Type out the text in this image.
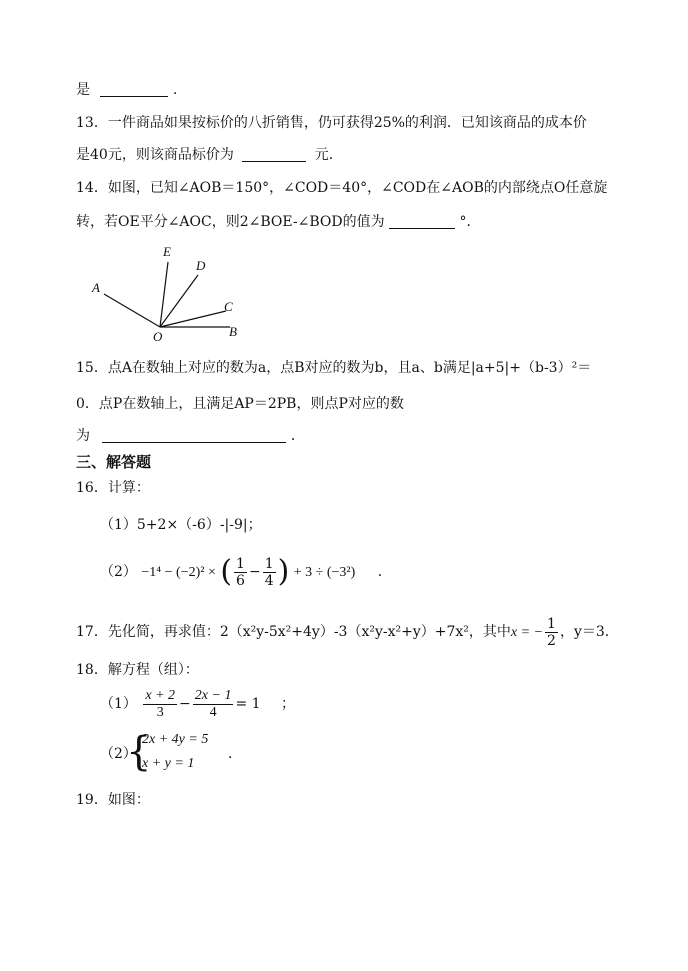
是	.
13．一件商品如果按标价的八折销售，仍可获得25%的利润．已知该商品的成本价
是40元，则该商品标价为	元．
14．如图，已知∠AOB＝150°，∠COD＝40°，∠COD在∠AOB的内部绕点O任意旋
转，若OE平分∠AOC，则2∠BOE-∠BOD的值为	°．
A
E
D
C
B
O
15．点A在数轴上对应的数为a，点B对应的数为b，且a、b满足|a+5|+（b-3）²＝
0．点P在数轴上，且满足AP＝2PB，则点P对应的数
为	．
三、解答题
16．计算：
（1）5+2×（-6）-|-9|；
（2） −1⁴ − (−2)² × ( $\frac{1}{6} - \frac{1}{4}$ ) + 3 ÷ (−3²) ．
17．先化简，再求值：2（x²y-5x²+4y）-3（x²y-x²+y）+7x²，其中x = − $\frac{1}{2}$ ，y＝3．
18．解方程（组）：
$(1) \frac{x + 2}{3} - \frac{2x - 1}{4} = 1$ ；
（2）
{
2x + 4y = 5
x + y = 1
．
19．如图：
